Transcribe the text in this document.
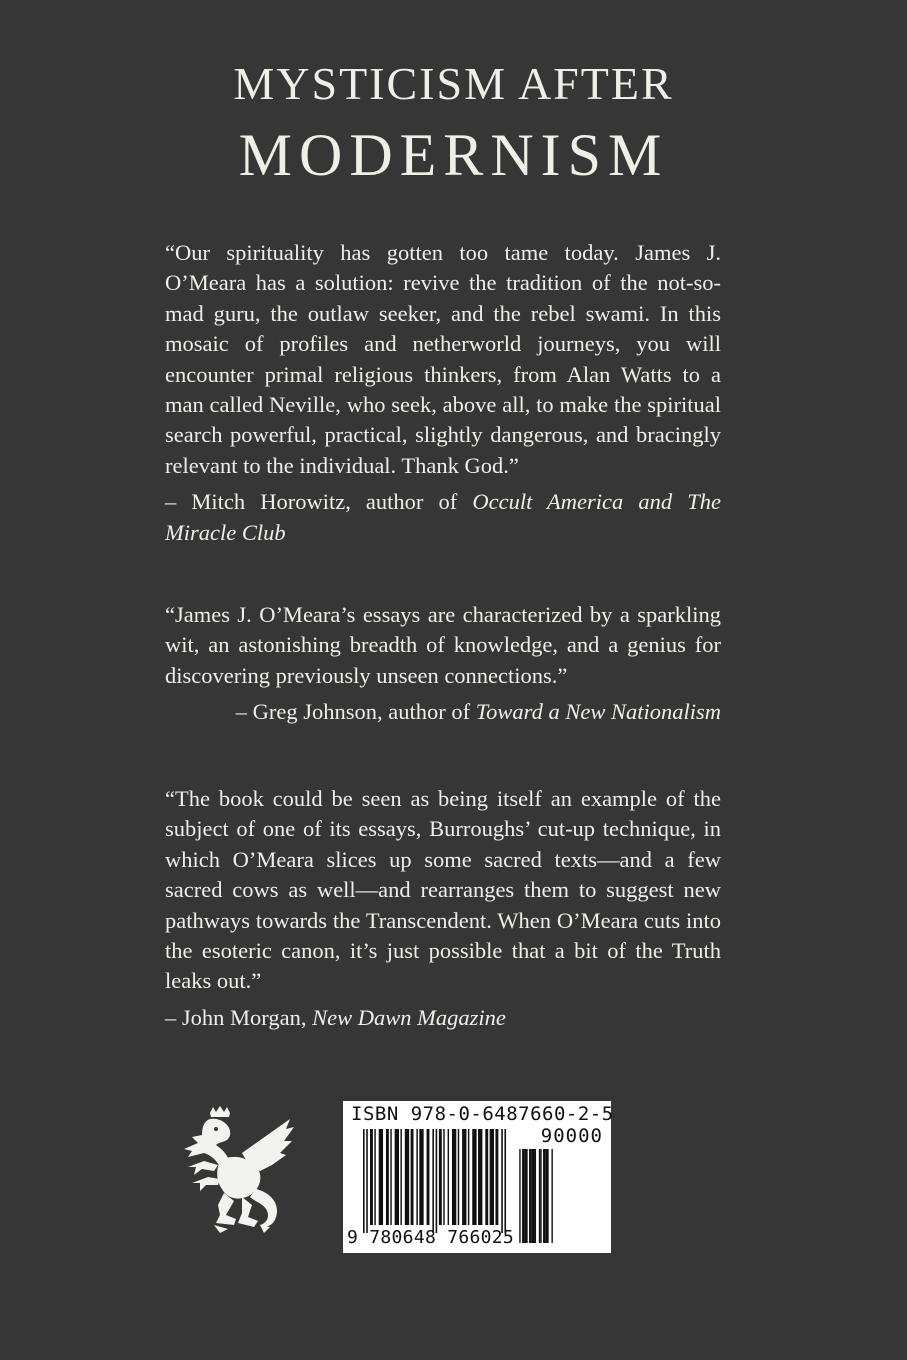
MYSTICISM AFTER
MODERNISM

“Our spirituality has gotten too tame today. James J. O’Meara has a solution: revive the tradition of the not-so-mad guru, the outlaw seeker, and the rebel swami. In this mosaic of profiles and netherworld journeys, you will encounter primal religious thinkers, from Alan Watts to a man called Neville, who seek, above all, to make the spiritual search powerful, practical, slightly dangerous, and bracingly relevant to the individual. Thank God.”

– Mitch Horowitz, author of Occult America and The Miracle Club

“James J. O’Meara’s essays are characterized by a sparkling wit, an astonishing breadth of knowledge, and a genius for discovering previously unseen connections.”

– Greg Johnson, author of Toward a New Nationalism

“The book could be seen as being itself an example of the subject of one of its essays, Burroughs’ cut-up technique, in which O’Meara slices up some sacred texts—and a few sacred cows as well—and rearranges them to suggest new pathways towards the Transcendent. When O’Meara cuts into the esoteric canon, it’s just possible that a bit of the Truth leaks out.”

– John Morgan, New Dawn Magazine

ISBN 978-0-6487660-2-5
90000
9 780648 766025
